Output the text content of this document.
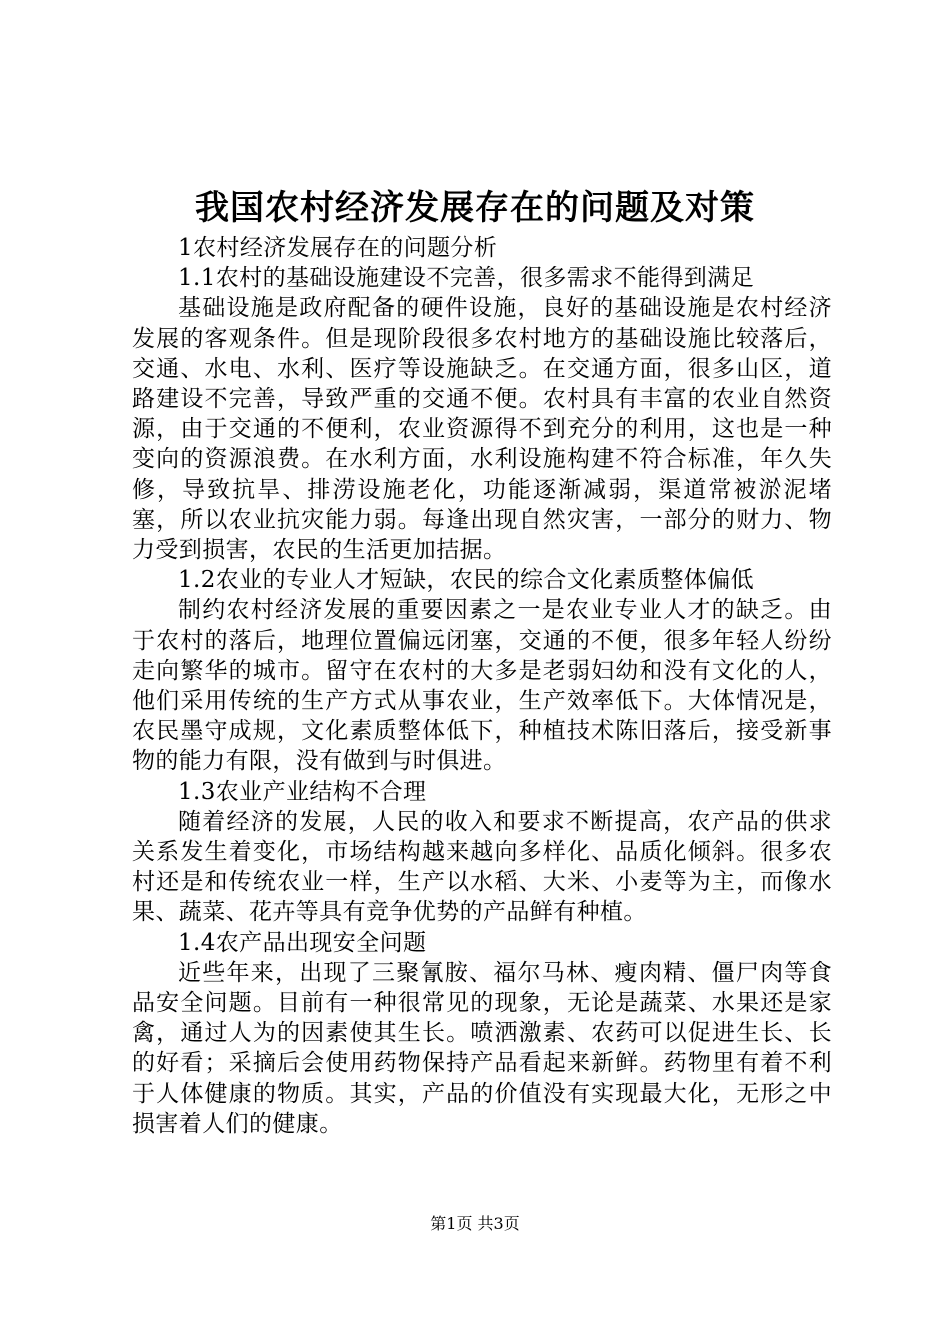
我国农村经济发展存在的问题及对策

1农村经济发展存在的问题分析

1.1农村的基础设施建设不完善，很多需求不能得到满足

基础设施是政府配备的硬件设施，良好的基础设施是农村经济发展的客观条件。但是现阶段很多农村地方的基础设施比较落后，交通、水电、水利、医疗等设施缺乏。在交通方面，很多山区，道路建设不完善，导致严重的交通不便。农村具有丰富的农业自然资源，由于交通的不便利，农业资源得不到充分的利用，这也是一种变向的资源浪费。在水利方面，水利设施构建不符合标准，年久失修，导致抗旱、排涝设施老化，功能逐渐减弱，渠道常被淤泥堵塞，所以农业抗灾能力弱。每逢出现自然灾害，一部分的财力、物力受到损害，农民的生活更加拮据。

1.2农业的专业人才短缺，农民的综合文化素质整体偏低

制约农村经济发展的重要因素之一是农业专业人才的缺乏。由于农村的落后，地理位置偏远闭塞，交通的不便，很多年轻人纷纷走向繁华的城市。留守在农村的大多是老弱妇幼和没有文化的人，他们采用传统的生产方式从事农业，生产效率低下。大体情况是，农民墨守成规，文化素质整体低下，种植技术陈旧落后，接受新事物的能力有限，没有做到与时俱进。

1.3农业产业结构不合理

随着经济的发展，人民的收入和要求不断提高，农产品的供求关系发生着变化，市场结构越来越向多样化、品质化倾斜。很多农村还是和传统农业一样，生产以水稻、大米、小麦等为主，而像水果、蔬菜、花卉等具有竞争优势的产品鲜有种植。

1.4农产品出现安全问题

近些年来，出现了三聚氰胺、福尔马林、瘦肉精、僵尸肉等食品安全问题。目前有一种很常见的现象，无论是蔬菜、水果还是家禽，通过人为的因素使其生长。喷洒激素、农药可以促进生长、长的好看；采摘后会使用药物保持产品看起来新鲜。药物里有着不利于人体健康的物质。其实，产品的价值没有实现最大化，无形之中损害着人们的健康。

第1页 共3页
